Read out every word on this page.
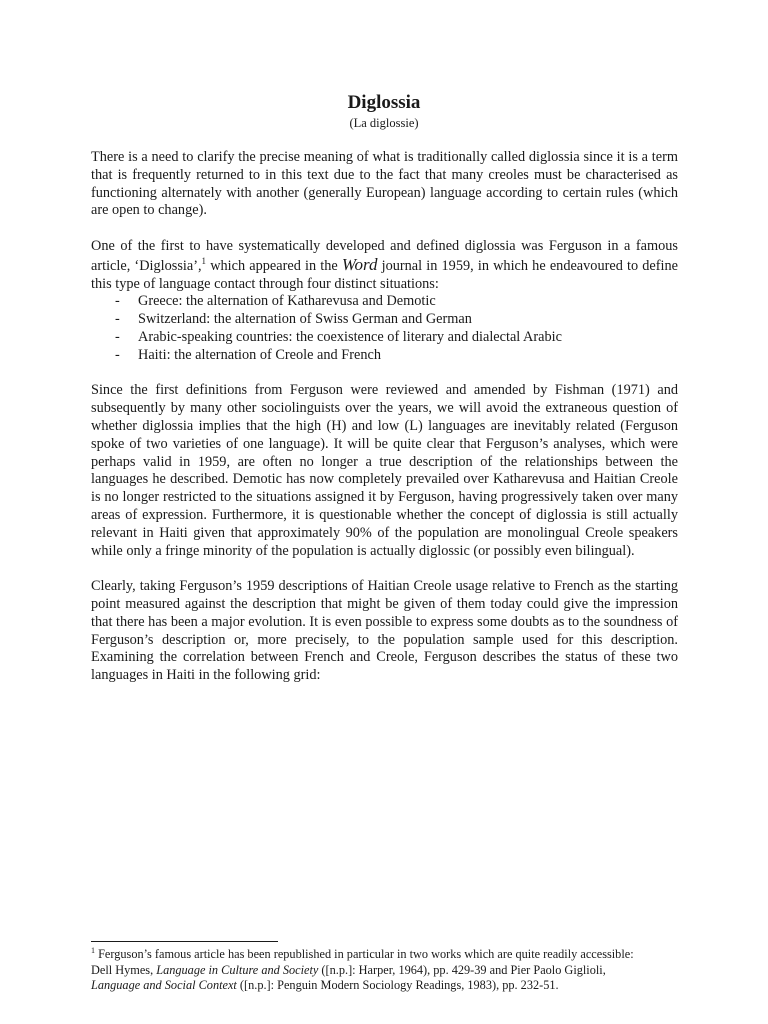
Diglossia
(La diglossie)

There is a need to clarify the precise meaning of what is traditionally called diglossia since it is a term that is frequently returned to in this text due to the fact that many creoles must be characterised as functioning alternately with another (generally European) language according to certain rules (which are open to change).

One of the first to have systematically developed and defined diglossia was Ferguson in a famous article, ‘Diglossia’,$^1$ which appeared in the Word journal in 1959, in which he endeavoured to define this type of language contact through four distinct situations:

- Greece: the alternation of Katharevusa and Demotic
- Switzerland: the alternation of Swiss German and German
- Arabic-speaking countries: the coexistence of literary and dialectal Arabic
- Haiti: the alternation of Creole and French

Since the first definitions from Ferguson were reviewed and amended by Fishman (1971) and subsequently by many other sociolinguists over the years, we will avoid the extraneous question of whether diglossia implies that the high (H) and low (L) languages are inevitably related (Ferguson spoke of two varieties of one language). It will be quite clear that Ferguson’s analyses, which were perhaps valid in 1959, are often no longer a true description of the relationships between the languages he described. Demotic has now completely prevailed over Katharevusa and Haitian Creole is no longer restricted to the situations assigned it by Ferguson, having progressively taken over many areas of expression. Furthermore, it is questionable whether the concept of diglossia is still actually relevant in Haiti given that approximately 90% of the population are monolingual Creole speakers while only a fringe minority of the population is actually diglossic (or possibly even bilingual).

Clearly, taking Ferguson’s 1959 descriptions of Haitian Creole usage relative to French as the starting point measured against the description that might be given of them today could give the impression that there has been a major evolution. It is even possible to express some doubts as to the soundness of Ferguson’s description or, more precisely, to the population sample used for this description. Examining the correlation between French and Creole, Ferguson describes the status of these two languages in Haiti in the following grid:

$^1$ Ferguson’s famous article has been republished in particular in two works which are quite readily accessible:
Dell Hymes, Language in Culture and Society ([n.p.]: Harper, 1964), pp. 429-39 and Pier Paolo Giglioli,
Language and Social Context ([n.p.]: Penguin Modern Sociology Readings, 1983), pp. 232-51.
